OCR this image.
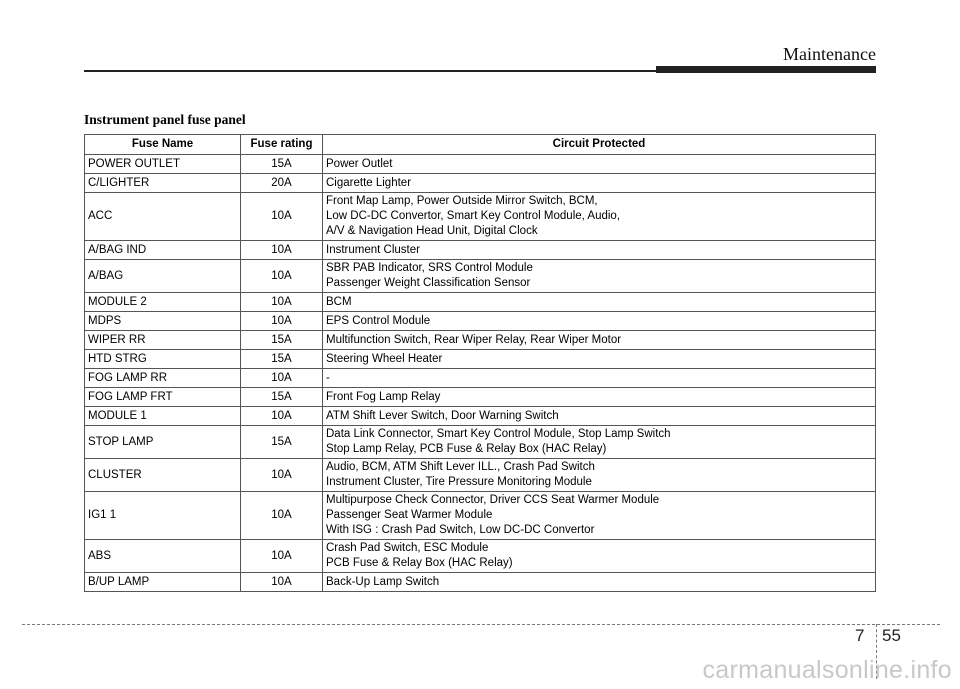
Maintenance
Instrument panel fuse panel
Fuse Name	Fuse rating	Circuit Protected
POWER OUTLET	15A	Power Outlet

C/LIGHTER	20A	Cigarette Lighter

ACC	10A	Front Map Lamp, Power Outside Mirror Switch, BCM,
Low DC-DC Convertor, Smart Key Control Module, Audio,
A/V & Navigation Head Unit, Digital Clock

A/BAG IND	10A	Instrument Cluster

A/BAG	10A	SBR PAB Indicator, SRS Control Module
Passenger Weight Classification Sensor

MODULE 2	10A	BCM

MDPS	10A	EPS Control Module

WIPER RR	15A	Multifunction Switch, Rear Wiper Relay, Rear Wiper Motor

HTD STRG	15A	Steering Wheel Heater

FOG LAMP RR	10A	-

FOG LAMP FRT	15A	Front Fog Lamp Relay

MODULE 1	10A	ATM Shift Lever Switch, Door Warning Switch

STOP LAMP	15A	Data Link Connector, Smart Key Control Module, Stop Lamp Switch
Stop Lamp Relay, PCB Fuse & Relay Box (HAC Relay)

CLUSTER	10A	Audio, BCM, ATM Shift Lever ILL., Crash Pad Switch
Instrument Cluster, Tire Pressure Monitoring Module

IG1 1	10A	Multipurpose Check Connector, Driver CCS Seat Warmer Module
Passenger Seat Warmer Module
With ISG : Crash Pad Switch, Low DC-DC Convertor

ABS	10A	Crash Pad Switch, ESC Module
PCB Fuse & Relay Box (HAC Relay)

B/UP LAMP	10A	Back-Up Lamp Switch
7 55
carmanualsonline.info
